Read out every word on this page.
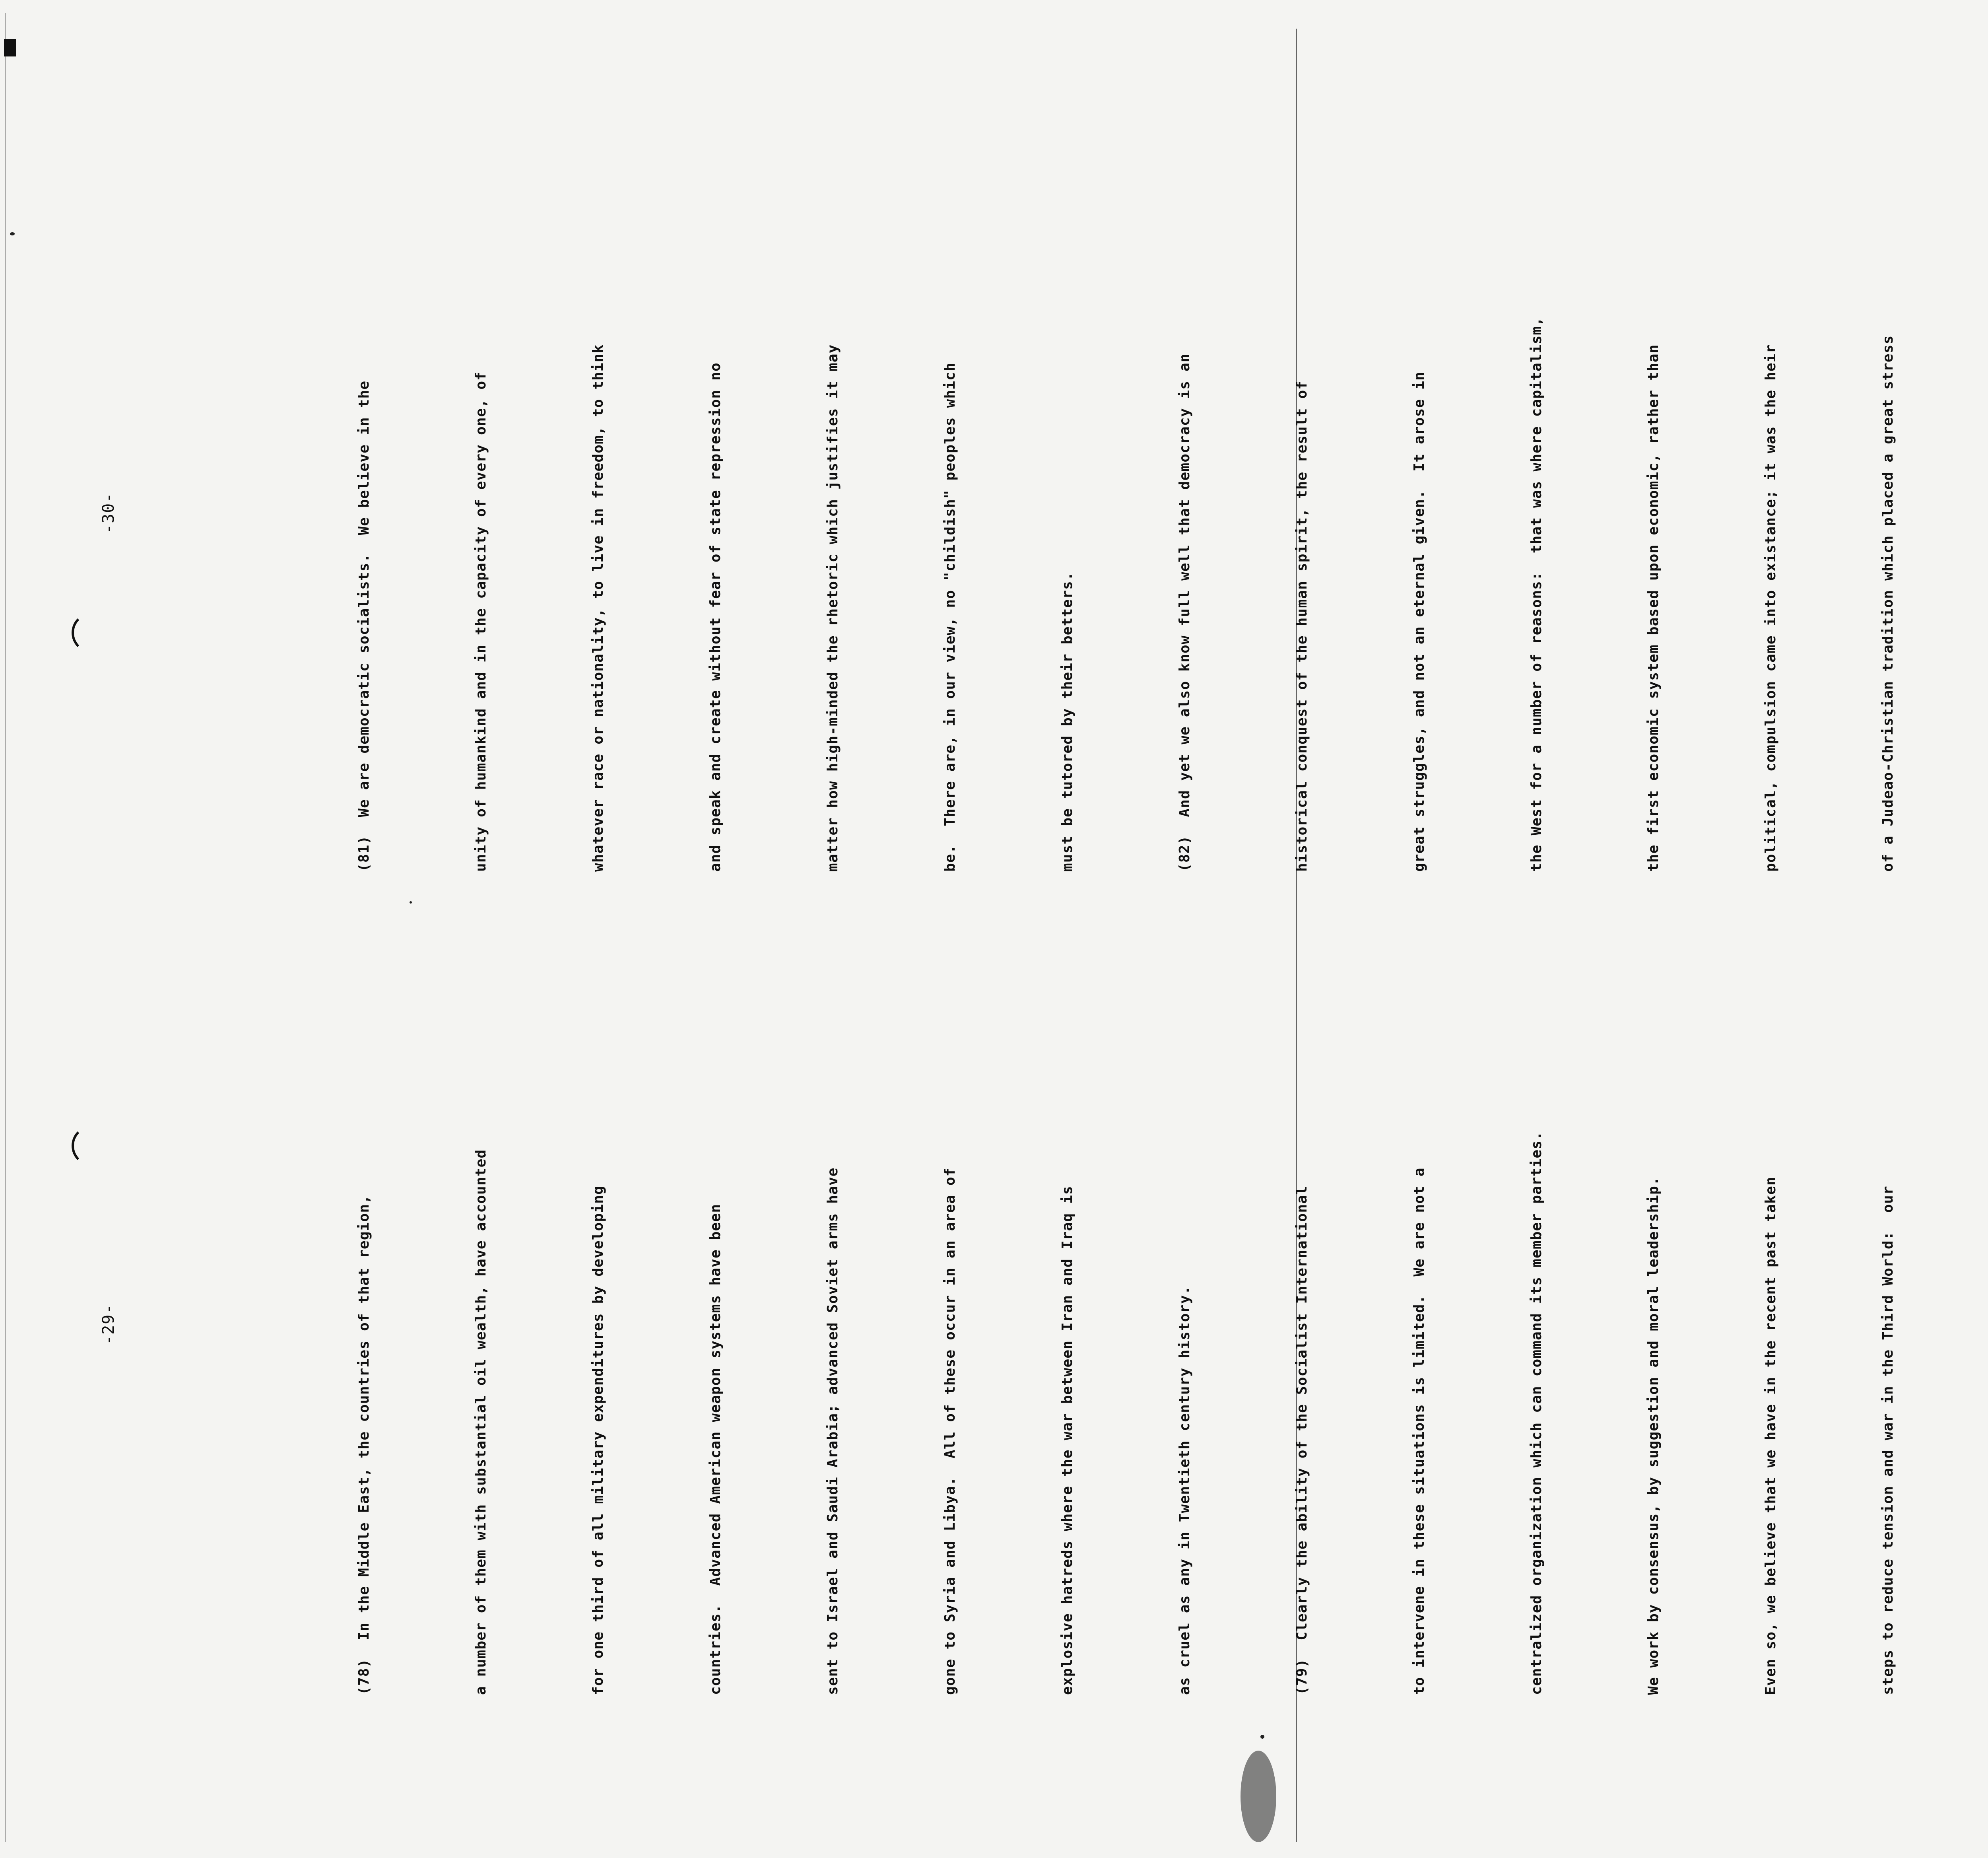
-29-

	(78)  In the Middle East, the countries of that region,

	a number of them with substantial oil wealth, have accounted

	for one third of all military expenditures by developing

	countries.  Advanced American weapon systems have been

	sent to Israel and Saudi Arabia; advanced Soviet arms have

	gone to Syria and Libya.  All of these occur in an area of

	explosive hatreds where the war between Iran and Iraq is

	as cruel as any in Twentieth century history.

	(79)  Clearly the ability of the Socialist International

	to intervene in these situations is limited.  We are not a

	centralized organization which can command its member parties.

	We work by consensus, by suggestion and moral leadership.

	Even so, we believe that we have in the recent past taken

	steps to reduce tension and war in the Third World:  our

-30-

	(81)  We are democratic socialists.  We believe in the

	unity of humankind and in the capacity of every one, of

	whatever race or nationality, to live in freedom, to think

	and speak and create without fear of state repression no

	matter how high-minded the rhetoric which justifies it may

	be.  There are, in our view, no "childish" peoples which

	must be tutored by their betters.

	(82)  And yet we also know full well that democracy is an

	historical conquest of the human spirit, the result of

	great struggles, and not an eternal given.  It arose in

	the West for a number of reasons:  that was where capitalism,

	the first economic system based upon economic, rather than

	political, compulsion came into existance; it was the heir

	of a Judeao-Christian tradition which placed a great stress
